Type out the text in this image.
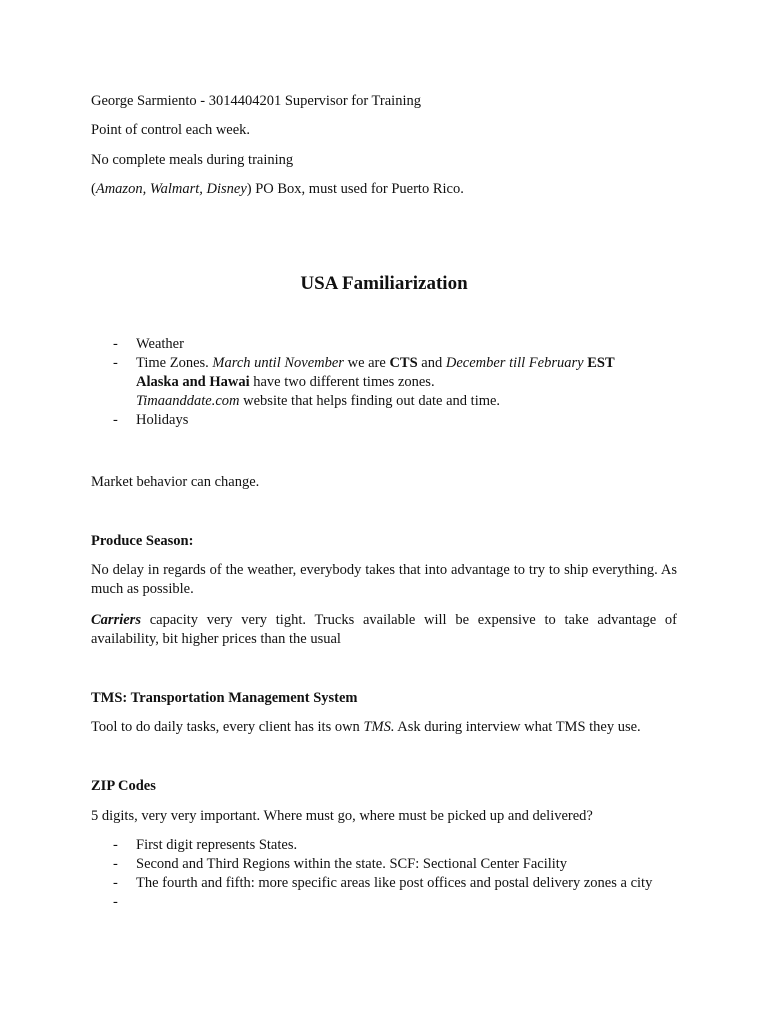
George Sarmiento - 3014404201 Supervisor for Training

Point of control each week.

No complete meals during training

(Amazon, Walmart, Disney) PO Box, must used for Puerto Rico.

USA Familiarization
- Weather
- Time Zones. March until November we are CTS and December till February EST
Alaska and Hawai have two different times zones.
Timaanddate.com website that helps finding out date and time.
- Holidays

Market behavior can change.

Produce Season:

No delay in regards of the weather, everybody takes that into advantage to try to ship everything. As much as possible.

Carriers capacity very very tight. Trucks available will be expensive to take advantage of availability, bit higher prices than the usual

TMS: Transportation Management System

Tool to do daily tasks, every client has its own TMS. Ask during interview what TMS they use.

ZIP Codes

5 digits, very very important. Where must go, where must be picked up and delivered?

- First digit represents States.
- Second and Third Regions within the state. SCF: Sectional Center Facility
- The fourth and fifth: more specific areas like post offices and postal delivery zones a city
-
